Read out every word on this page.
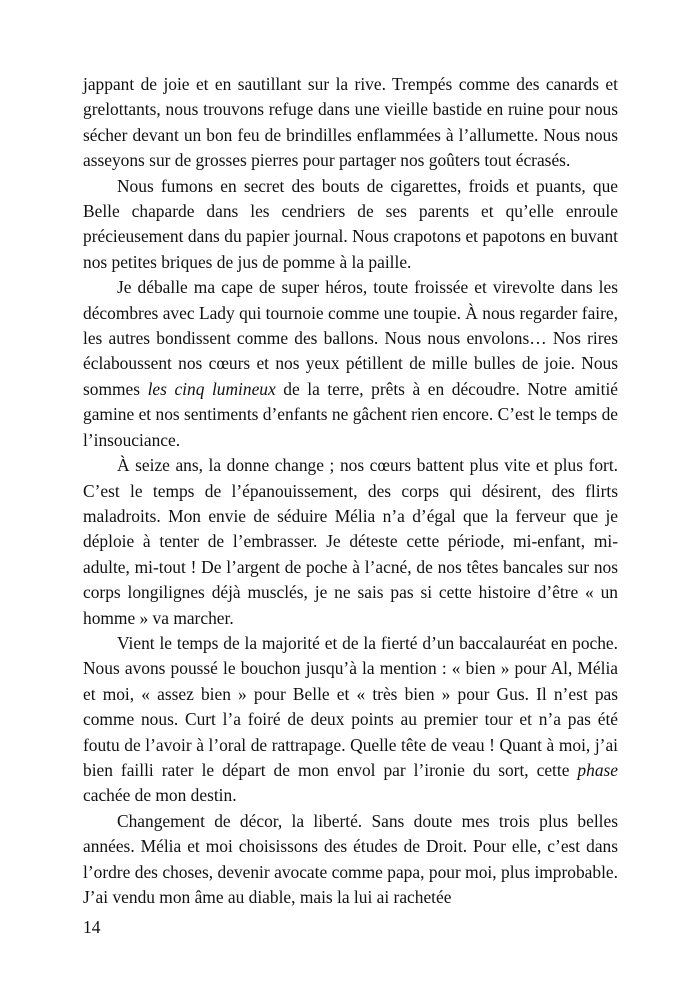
jappant de joie et en sautillant sur la rive. Trempés comme des canards et grelottants, nous trouvons refuge dans une vieille bastide en ruine pour nous sécher devant un bon feu de brindilles enflammées à l’allumette. Nous nous asseyons sur de grosses pierres pour partager nos goûters tout écrasés.

Nous fumons en secret des bouts de cigarettes, froids et puants, que Belle chaparde dans les cendriers de ses parents et qu’elle enroule précieusement dans du papier journal. Nous crapotons et papotons en buvant nos petites briques de jus de pomme à la paille.

Je déballe ma cape de super héros, toute froissée et virevolte dans les décombres avec Lady qui tournoie comme une toupie. À nous regarder faire, les autres bondissent comme des ballons. Nous nous envolons… Nos rires éclaboussent nos cœurs et nos yeux pétillent de mille bulles de joie. Nous sommes les cinq lumineux de la terre, prêts à en découdre. Notre amitié gamine et nos sentiments d’enfants ne gâchent rien encore. C’est le temps de l’insouciance.

À seize ans, la donne change ; nos cœurs battent plus vite et plus fort. C’est le temps de l’épanouissement, des corps qui désirent, des flirts maladroits. Mon envie de séduire Mélia n’a d’égal que la ferveur que je déploie à tenter de l’embrasser. Je déteste cette période, mi-enfant, mi-adulte, mi-tout ! De l’argent de poche à l’acné, de nos têtes bancales sur nos corps longilignes déjà musclés, je ne sais pas si cette histoire d’être « un homme » va marcher.

Vient le temps de la majorité et de la fierté d’un baccalauréat en poche. Nous avons poussé le bouchon jusqu’à la mention : « bien » pour Al, Mélia et moi, « assez bien » pour Belle et « très bien » pour Gus. Il n’est pas comme nous. Curt l’a foiré de deux points au premier tour et n’a pas été foutu de l’avoir à l’oral de rattrapage. Quelle tête de veau ! Quant à moi, j’ai bien failli rater le départ de mon envol par l’ironie du sort, cette phase cachée de mon destin.

Changement de décor, la liberté. Sans doute mes trois plus belles années. Mélia et moi choisissons des études de Droit. Pour elle, c’est dans l’ordre des choses, devenir avocate comme papa, pour moi, plus improbable. J’ai vendu mon âme au diable, mais la lui ai rachetée

14
